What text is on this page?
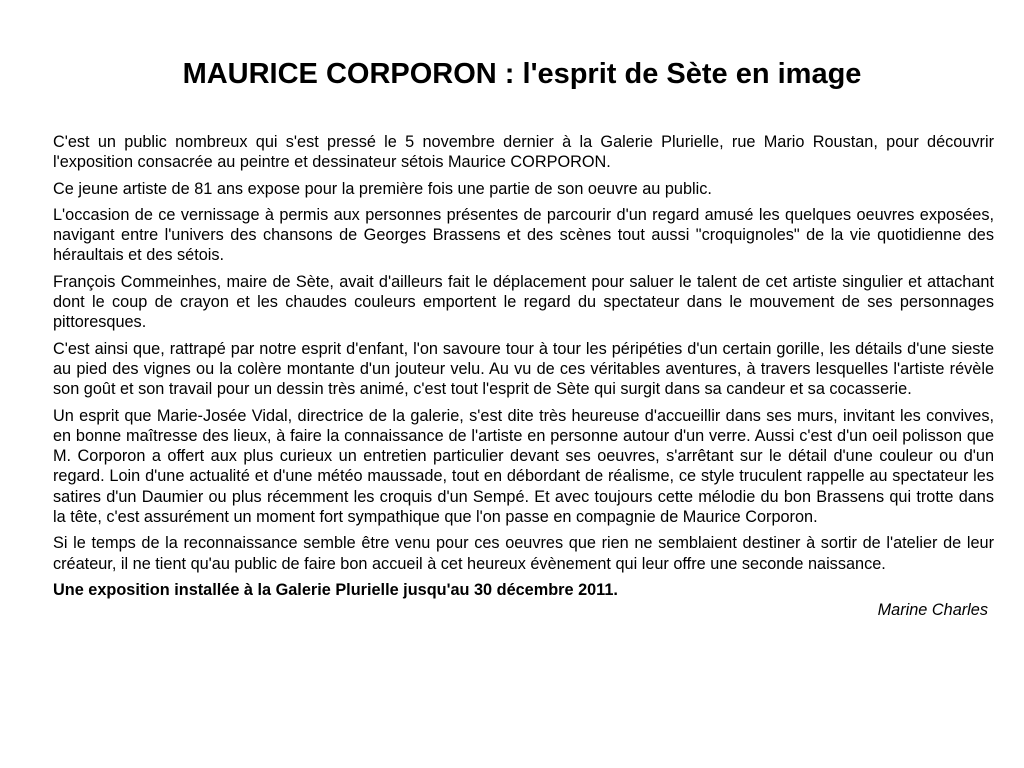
MAURICE CORPORON : l'esprit de Sète en image

C'est un public nombreux qui s'est pressé le 5 novembre dernier à la Galerie Plurielle, rue Mario Roustan, pour découvrir l'exposition consacrée au peintre et dessinateur sétois Maurice CORPORON.

Ce jeune artiste de 81 ans expose pour la première fois une partie de son oeuvre au public.

L'occasion de ce vernissage à permis aux personnes présentes de parcourir d'un regard amusé les quelques oeuvres exposées, navigant entre l'univers des chansons de Georges Brassens et des scènes tout aussi "croquignoles" de la vie quotidienne des héraultais et des sétois.

François Commeinhes, maire de Sète, avait d'ailleurs fait le déplacement pour saluer le talent de cet artiste singulier et attachant dont le coup de crayon et les chaudes couleurs emportent le regard du spectateur dans le mouvement de ses personnages pittoresques.

C'est ainsi que, rattrapé par notre esprit d'enfant, l'on savoure tour à tour les péripéties d'un certain gorille, les détails d'une sieste au pied des vignes ou la colère montante d'un jouteur velu. Au vu de ces véritables aventures, à travers lesquelles l'artiste révèle son goût et son travail pour un dessin très animé, c'est tout l'esprit de Sète qui surgit dans sa candeur et sa cocasserie.

Un esprit que Marie-Josée Vidal, directrice de la galerie, s'est dite très heureuse d'accueillir dans ses murs, invitant les convives, en bonne maîtresse des lieux, à faire la connaissance de l'artiste en personne autour d'un verre. Aussi c'est d'un oeil polisson que M. Corporon a offert aux plus curieux un entretien particulier devant ses oeuvres, s'arrêtant sur le détail d'une couleur ou d'un regard. Loin d'une actualité et d'une météo maussade, tout en débordant de réalisme, ce style truculent rappelle au spectateur les satires d'un Daumier ou plus récemment les croquis d'un Sempé. Et avec toujours cette mélodie du bon Brassens qui trotte dans la tête, c'est assurément un moment fort sympathique que l'on passe en compagnie de Maurice Corporon.

Si le temps de la reconnaissance semble être venu pour ces oeuvres que rien ne semblaient destiner à sortir de l'atelier de leur créateur, il ne tient qu'au public de faire bon accueil à cet heureux évènement qui leur offre une seconde naissance.

Une exposition installée à la Galerie Plurielle jusqu'au 30 décembre 2011.

Marine Charles
